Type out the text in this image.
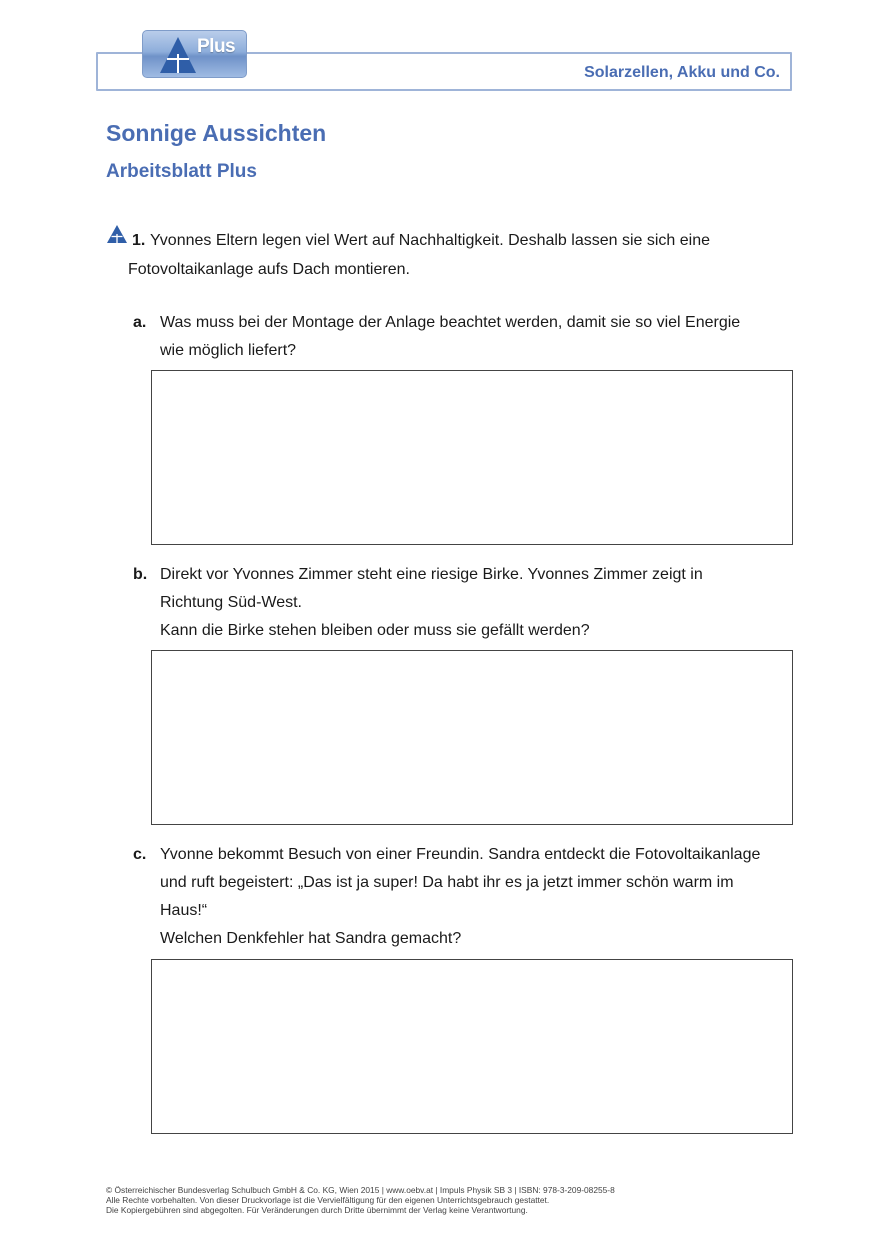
Solarzellen, Akku und Co.
Plus
Sonnige Aussichten
Arbeitsblatt Plus

1. Yvonnes Eltern legen viel Wert auf Nachhaltigkeit. Deshalb lassen sie sich eine
Fotovoltaikanlage aufs Dach montieren.

a. Was muss bei der Montage der Anlage beachtet werden, damit sie so viel Energie
wie möglich liefert?

b. Direkt vor Yvonnes Zimmer steht eine riesige Birke. Yvonnes Zimmer zeigt in
Richtung Süd-West.
Kann die Birke stehen bleiben oder muss sie gefällt werden?

c. Yvonne bekommt Besuch von einer Freundin. Sandra entdeckt die Fotovoltaikanlage
und ruft begeistert: „Das ist ja super! Da habt ihr es ja jetzt immer schön warm im
Haus!“
Welchen Denkfehler hat Sandra gemacht?

© Österreichischer Bundesverlag Schulbuch GmbH & Co. KG, Wien 2015 | www.oebv.at | Impuls Physik SB 3 | ISBN: 978-3-209-08255-8
Alle Rechte vorbehalten. Von dieser Druckvorlage ist die Vervielfältigung für den eigenen Unterrichtsgebrauch gestattet.
Die Kopiergebühren sind abgegolten. Für Veränderungen durch Dritte übernimmt der Verlag keine Verantwortung.
